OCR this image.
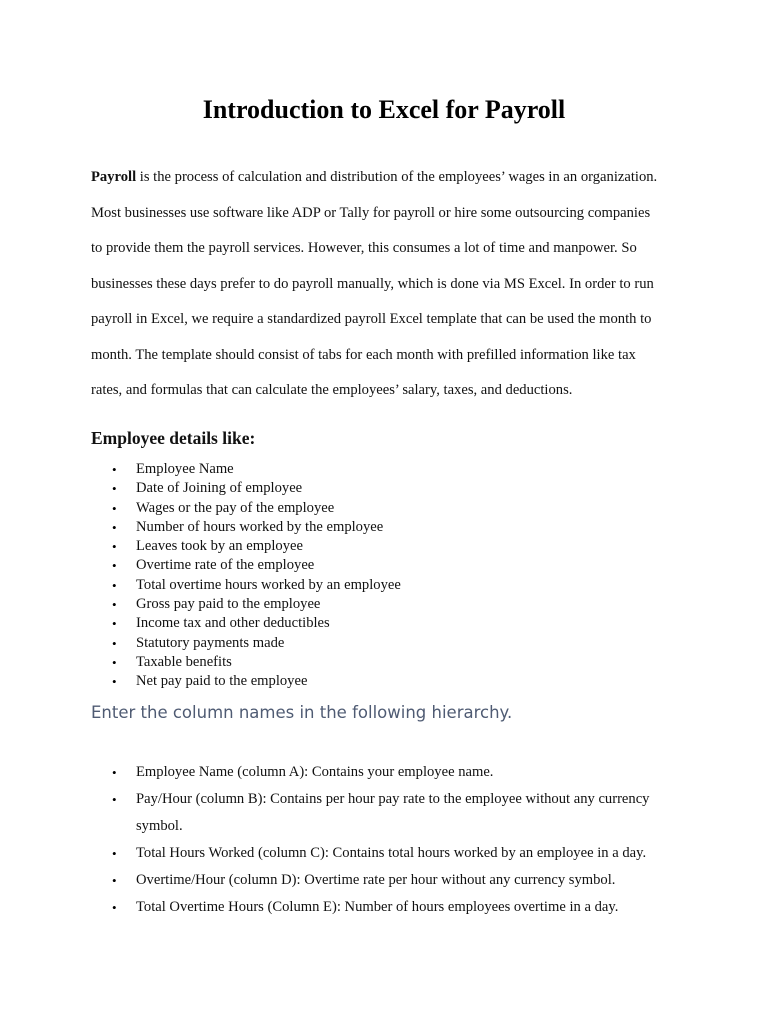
Introduction to Excel for Payroll

Payroll is the process of calculation and distribution of the employees’ wages in an organization.
Most businesses use software like ADP or Tally for payroll or hire some outsourcing companies
to provide them the payroll services. However, this consumes a lot of time and manpower. So
businesses these days prefer to do payroll manually, which is done via MS Excel. In order to run
payroll in Excel, we require a standardized payroll Excel template that can be used the month to
month. The template should consist of tabs for each month with prefilled information like tax
rates, and formulas that can calculate the employees’ salary, taxes, and deductions.

Employee details like:
• Employee Name
• Date of Joining of employee
• Wages or the pay of the employee
• Number of hours worked by the employee
• Leaves took by an employee
• Overtime rate of the employee
• Total overtime hours worked by an employee
• Gross pay paid to the employee
• Income tax and other deductibles
• Statutory payments made
• Taxable benefits
• Net pay paid to the employee
Enter the column names in the following hierarchy.
• Employee Name (column A): Contains your employee name.
• Pay/Hour (column B): Contains per hour pay rate to the employee without any currency symbol.
• Total Hours Worked (column C): Contains total hours worked by an employee in a day.
• Overtime/Hour (column D): Overtime rate per hour without any currency symbol.
• Total Overtime Hours (Column E): Number of hours employees overtime in a day.
